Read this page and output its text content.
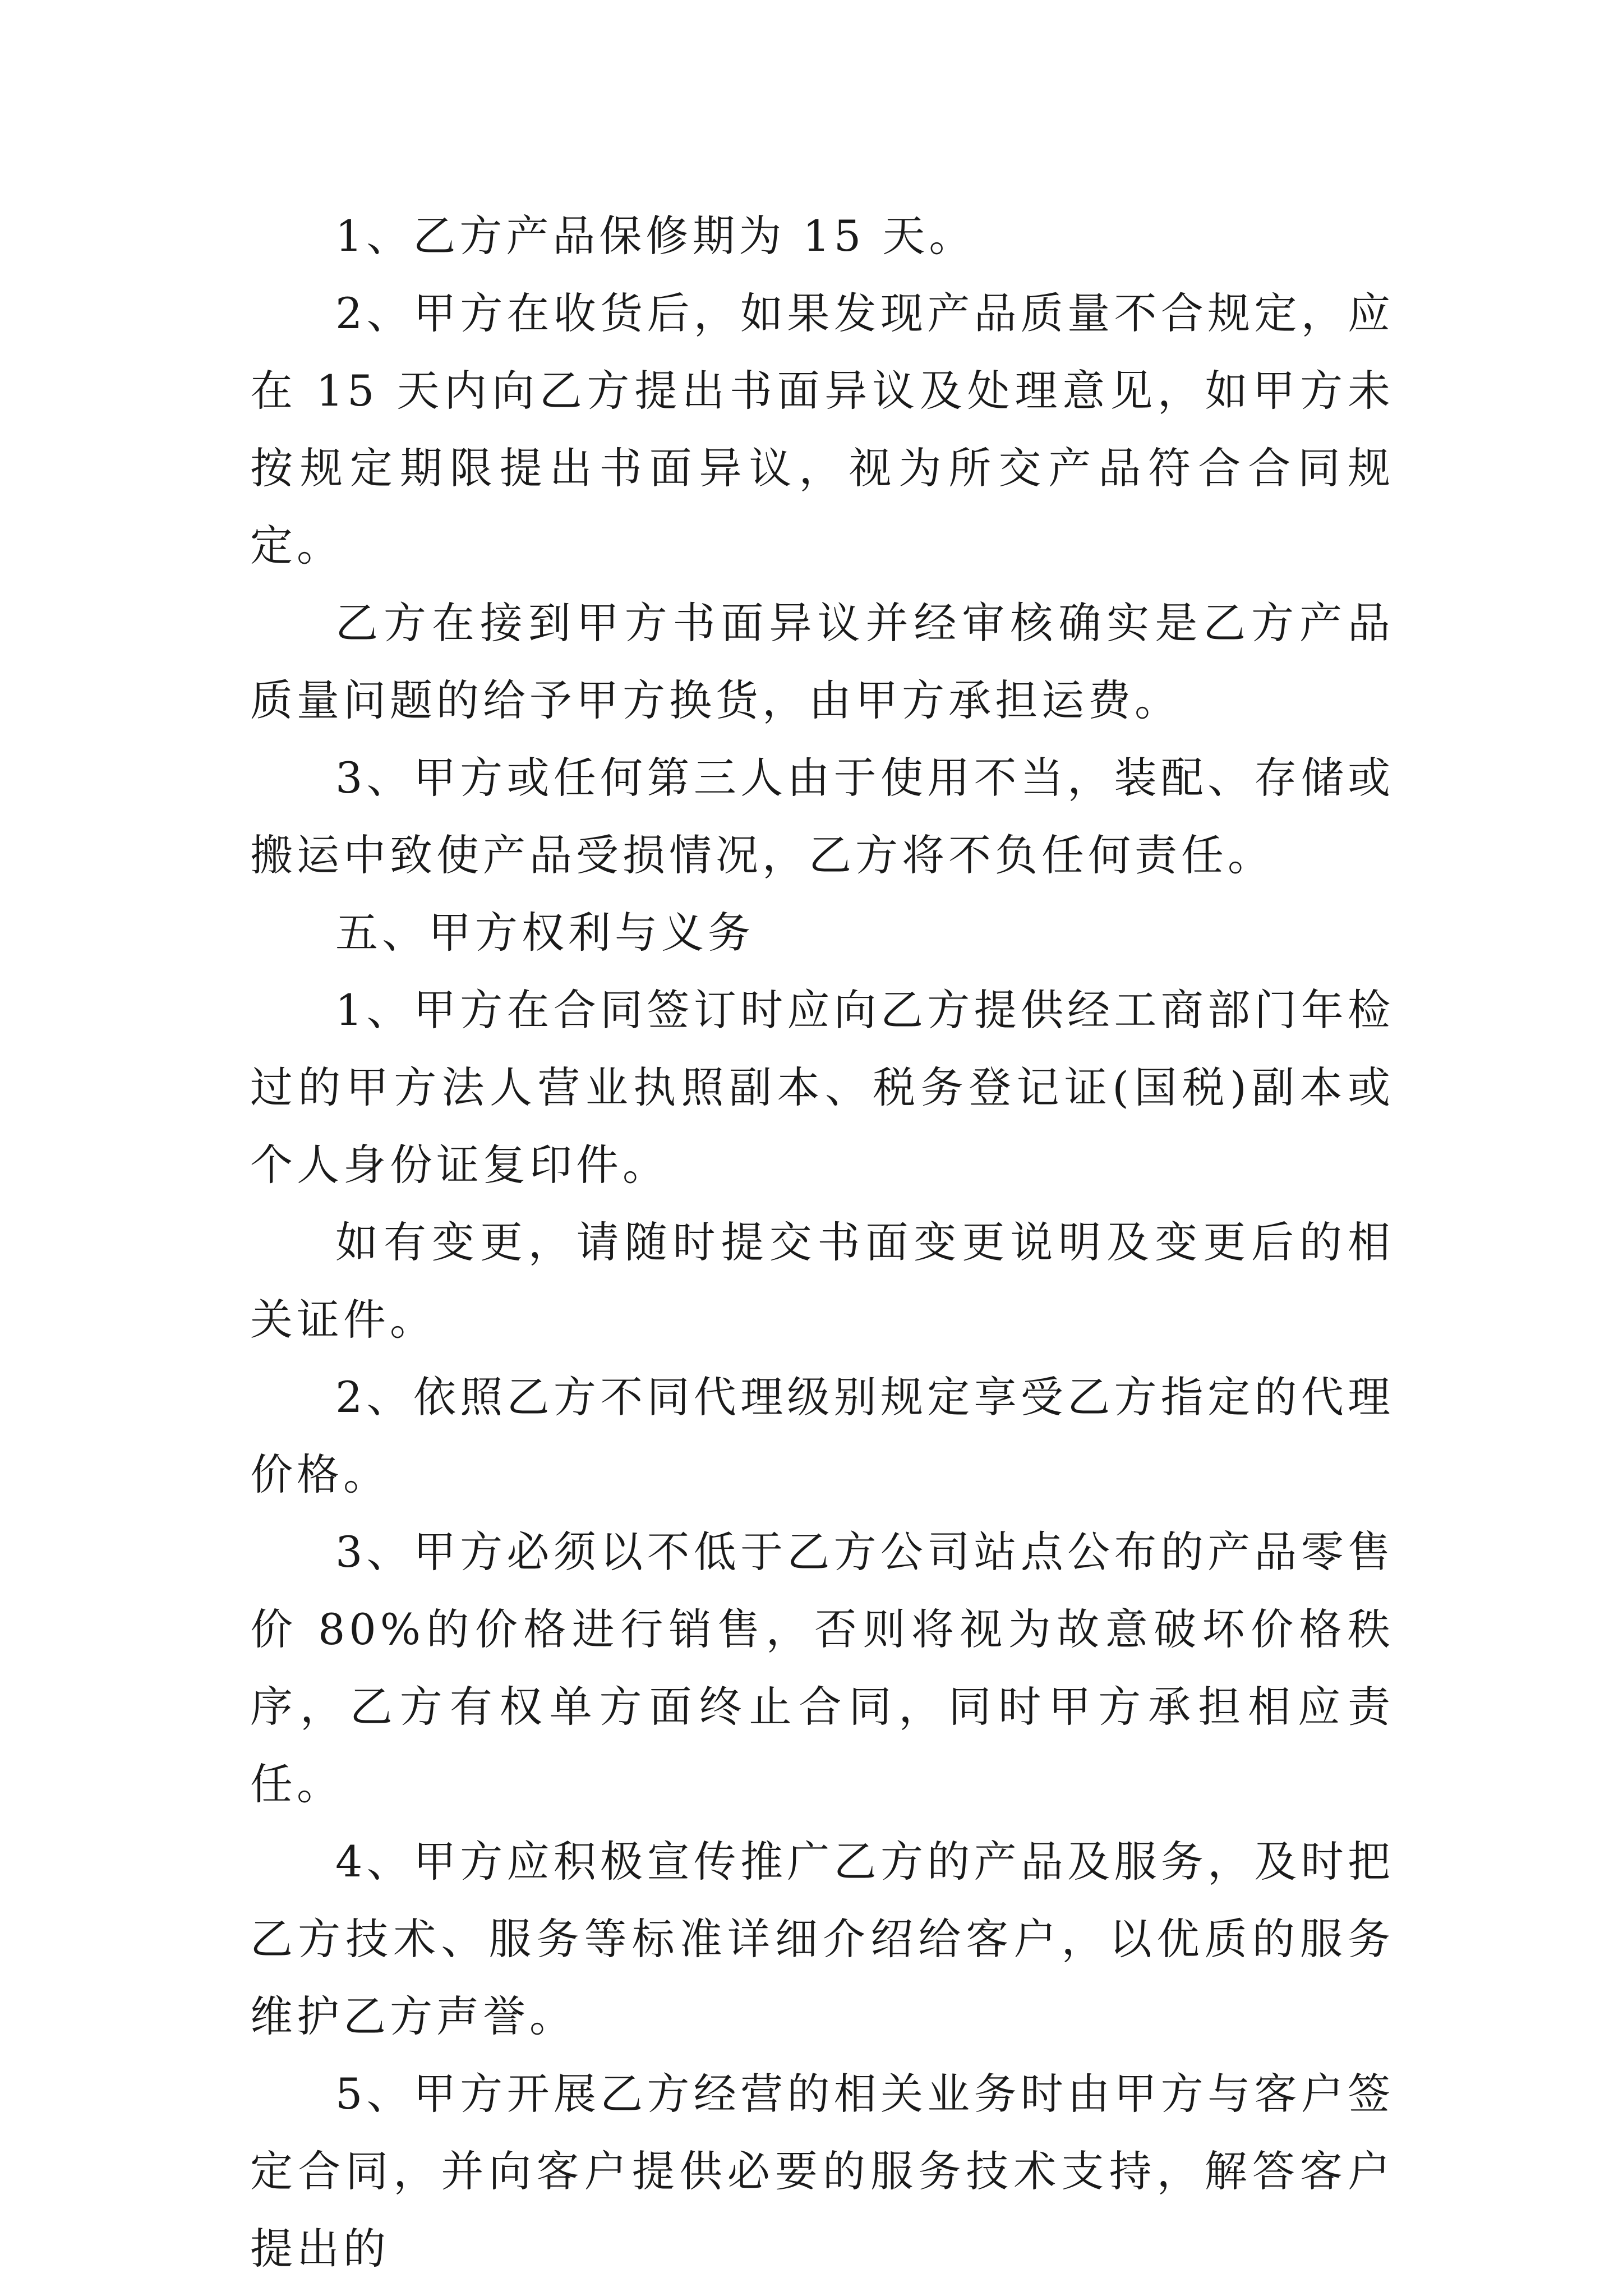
1、乙方产品保修期为 15 天。

2、甲方在收货后，如果发现产品质量不合规定，应在 15 天内向乙方提出书面异议及处理意见，如甲方未按规定期限提出书面异议，视为所交产品符合合同规定。

乙方在接到甲方书面异议并经审核确实是乙方产品质量问题的给予甲方换货，由甲方承担运费。

3、甲方或任何第三人由于使用不当，装配、存储或搬运中致使产品受损情况，乙方将不负任何责任。

五、甲方权利与义务

1、甲方在合同签订时应向乙方提供经工商部门年检过的甲方法人营业执照副本、税务登记证(国税)副本或个人身份证复印件。

如有变更，请随时提交书面变更说明及变更后的相关证件。

2、依照乙方不同代理级别规定享受乙方指定的代理价格。

3、甲方必须以不低于乙方公司站点公布的产品零售价 80%的价格进行销售，否则将视为故意破坏价格秩序，乙方有权单方面终止合同，同时甲方承担相应责任。

4、甲方应积极宣传推广乙方的产品及服务，及时把乙方技术、服务等标准详细介绍给客户，以优质的服务维护乙方声誉。

5、甲方开展乙方经营的相关业务时由甲方与客户签定合同，并向客户提供必要的服务技术支持，解答客户提出的
